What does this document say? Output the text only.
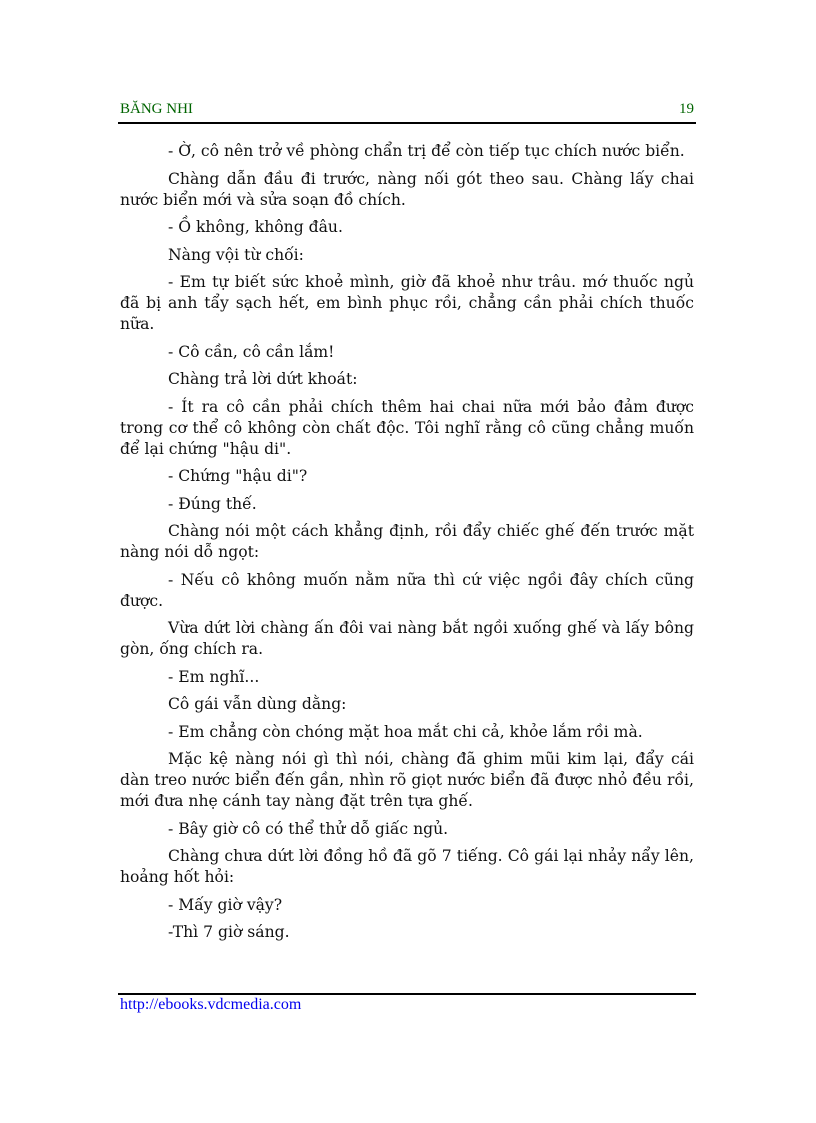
BĂNG NHI	19

- Ờ, cô nên trở về phòng chẩn trị để còn tiếp tục chích nước biển.

Chàng dẫn đầu đi trước, nàng nối gót theo sau. Chàng lấy chai nước biển mới và sửa soạn đồ chích.

- Ồ không, không đâu.

Nàng vội từ chối:

- Em tự biết sức khoẻ mình, giờ đã khoẻ như trâu. mớ thuốc ngủ đã bị anh tẩy sạch hết, em bình phục rồi, chẳng cần phải chích thuốc nữa.

- Cô cần, cô cần lắm!

Chàng trả lời dứt khoát:

- Ít ra cô cần phải chích thêm hai chai nữa mới bảo đảm được trong cơ thể cô không còn chất độc. Tôi nghĩ rằng cô cũng chẳng muốn để lại chứng "hậu di".

- Chứng "hậu di"?

- Đúng thế.

Chàng nói một cách khẳng định, rồi đẩy chiếc ghế đến trước mặt nàng nói dỗ ngọt:

- Nếu cô không muốn nằm nữa thì cứ việc ngồi đây chích cũng được.

Vừa dứt lời chàng ấn đôi vai nàng bắt ngồi xuống ghế và lấy bông gòn, ống chích ra.

- Em nghĩ...

Cô gái vẫn dùng dằng:

- Em chẳng còn chóng mặt hoa mắt chi cả, khỏe lắm rồi mà.

Mặc kệ nàng nói gì thì nói, chàng đã ghim mũi kim lại, đẩy cái dàn treo nước biển đến gần, nhìn rõ giọt nước biển đã được nhỏ đều rồi, mới đưa nhẹ cánh tay nàng đặt trên tựa ghế.

- Bây giờ cô có thể thử dỗ giấc ngủ.

Chàng chưa dứt lời đồng hồ đã gõ 7 tiếng. Cô gái lại nhảy nẩy lên, hoảng hốt hỏi:

- Mấy giờ vậy?

-Thì 7 giờ sáng.

http://ebooks.vdcmedia.com
